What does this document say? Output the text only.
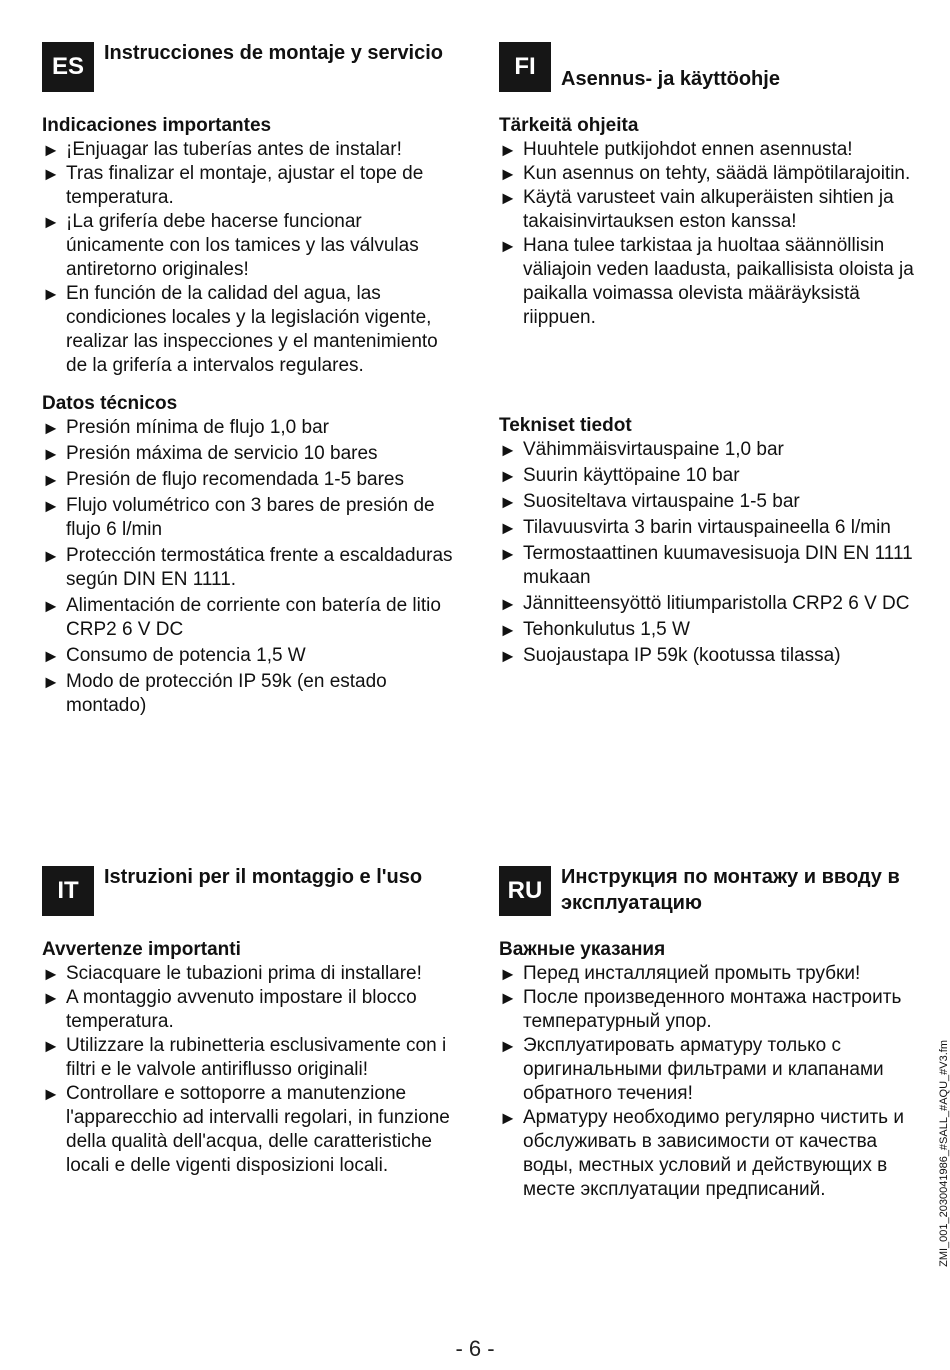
ES	Instrucciones de montaje y servicio
Indicaciones importantes
► ¡Enjuagar las tuberías antes de instalar!
► Tras finalizar el montaje, ajustar el tope de temperatura.
► ¡La grifería debe hacerse funcionar únicamente con los tamices y las válvulas antiretorno originales!
► En función de la calidad del agua, las condiciones locales y la legislación vigente, realizar las inspecciones y el mantenimiento de la grifería a intervalos regulares.
Datos técnicos
► Presión mínima de flujo 1,0 bar
► Presión máxima de servicio 10 bares
► Presión de flujo recomendada 1-5 bares
► Flujo volumétrico con 3 bares de presión de flujo 6 l/min
► Protección termostática frente a escaldaduras según DIN EN 1111.
► Alimentación de corriente con batería de litio CRP2 6 V DC
► Consumo de potencia 1,5 W
► Modo de protección IP 59k (en estado montado)
FI	Asennus- ja käyttöohje
Tärkeitä ohjeita
► Huuhtele putkijohdot ennen asennusta!
► Kun asennus on tehty, säädä lämpötilarajoitin.
► Käytä varusteet vain alkuperäisten sihtien ja takaisinvirtauksen eston kanssa!
► Hana tulee tarkistaa ja huoltaa säännöllisin väliajoin veden laadusta, paikallisista oloista ja paikalla voimassa olevista määräyksistä riippuen.
Tekniset tiedot
► Vähimmäisvirtauspaine 1,0 bar
► Suurin käyttöpaine 10 bar
► Suositeltava virtauspaine 1-5 bar
► Tilavuusvirta 3 barin virtauspaineella 6 l/min
► Termostaattinen kuumavesisuoja DIN EN 1111 mukaan
► Jännitteensyöttö litiumparistolla CRP2 6 V DC
► Tehonkulutus 1,5 W
► Suojaustapa IP 59k (kootussa tilassa)
IT	Istruzioni per il montaggio e l'uso
Avvertenze importanti
► Sciacquare le tubazioni prima di installare!
► A montaggio avvenuto impostare il blocco temperatura.
► Utilizzare la rubinetteria esclusivamente con i filtri e le valvole antiriflusso originali!
► Controllare e sottoporre a manutenzione l'apparecchio ad intervalli regolari, in funzione della qualità dell'acqua, delle caratteristiche locali e delle vigenti disposizioni locali.
RU Инструкция по монтажу и вводу в эксплуатацию
Важные указания
► Перед инсталляцией промыть трубки!
► После произведенного монтажа настроить температурный упор.
► Эксплуатировать арматуру только с оригинальными фильтрами и клапанами обратного течения!
► Арматуру необходимо регулярно чистить и обслуживать в зависимости от качества воды, местных условий и действующих в месте эксплуатации предписаний.	ZMI_001_2030041986_#SALL_#AQU_#V3.fm
- 6 -
